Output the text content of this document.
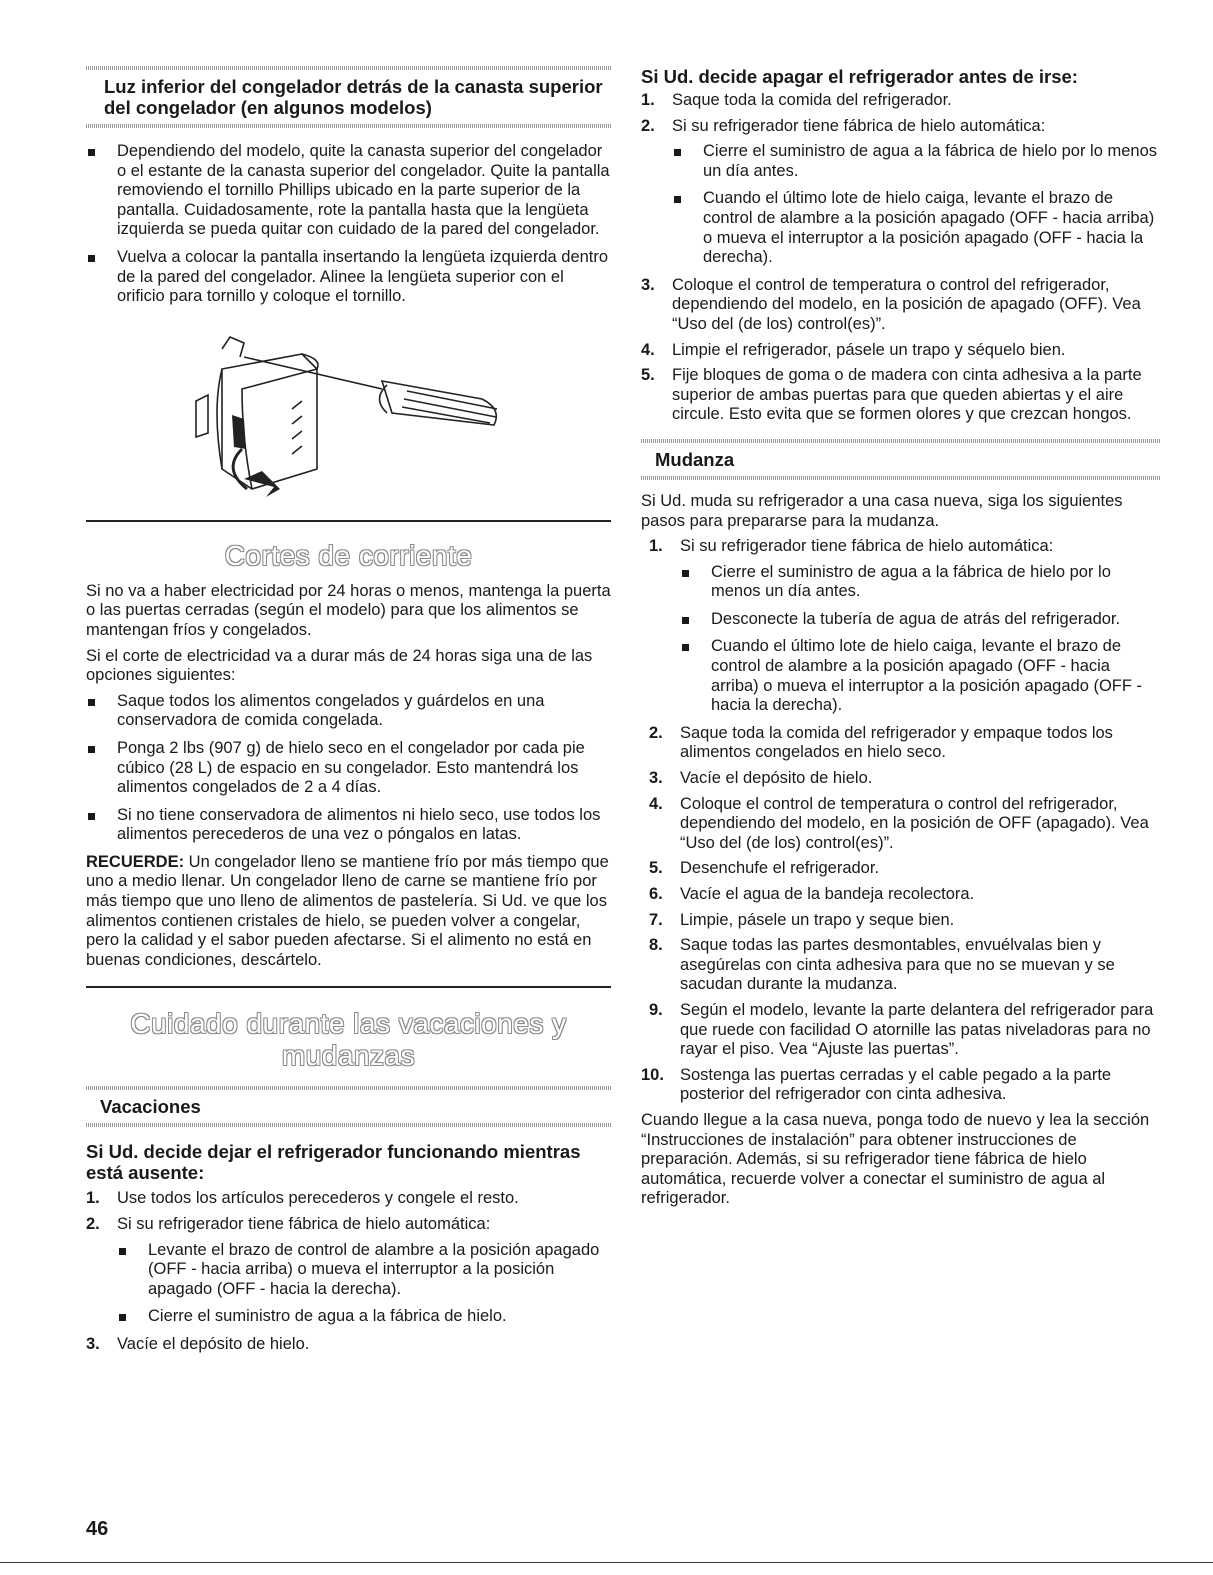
Luz inferior del congelador detrás de la canasta superior del congelador (en algunos modelos)
Dependiendo del modelo, quite la canasta superior del congelador o el estante de la canasta superior del congelador. Quite la pantalla removiendo el tornillo Phillips ubicado en la parte superior de la pantalla. Cuidadosamente, rote la pantalla hasta que la lengüeta izquierda se pueda quitar con cuidado de la pared del congelador.
Vuelva a colocar la pantalla insertando la lengüeta izquierda dentro de la pared del congelador. Alinee la lengüeta superior con el orificio para tornillo y coloque el tornillo.
Cortes de corriente

Si no va a haber electricidad por 24 horas o menos, mantenga la puerta o las puertas cerradas (según el modelo) para que los alimentos se mantengan fríos y congelados.

Si el corte de electricidad va a durar más de 24 horas siga una de las opciones siguientes:

Saque todos los alimentos congelados y guárdelos en una conservadora de comida congelada.
Ponga 2 lbs (907 g) de hielo seco en el congelador por cada pie cúbico (28 L) de espacio en su congelador. Esto mantendrá los alimentos congelados de 2 a 4 días.
Si no tiene conservadora de alimentos ni hielo seco, use todos los alimentos perecederos de una vez o póngalos en latas.

RECUERDE: Un congelador lleno se mantiene frío por más tiempo que uno a medio llenar. Un congelador lleno de carne se mantiene frío por más tiempo que uno lleno de alimentos de pastelería. Si Ud. ve que los alimentos contienen cristales de hielo, se pueden volver a congelar, pero la calidad y el sabor pueden afectarse. Si el alimento no está en buenas condiciones, descártelo.

Cuidado durante las vacaciones y
mudanzas
Vacaciones
Si Ud. decide dejar el refrigerador funcionando mientras está ausente:
1. Use todos los artículos perecederos y congele el resto.
2. Si su refrigerador tiene fábrica de hielo automática:
Levante el brazo de control de alambre a la posición apagado (OFF - hacia arriba) o mueva el interruptor a la posición apagado (OFF - hacia la derecha).
Cierre el suministro de agua a la fábrica de hielo.
3. Vacíe el depósito de hielo.
Si Ud. decide apagar el refrigerador antes de irse:
1. Saque toda la comida del refrigerador.
2. Si su refrigerador tiene fábrica de hielo automática:
Cierre el suministro de agua a la fábrica de hielo por lo menos un día antes.
Cuando el último lote de hielo caiga, levante el brazo de control de alambre a la posición apagado (OFF - hacia arriba) o mueva el interruptor a la posición apagado (OFF - hacia la derecha).
3. Coloque el control de temperatura o control del refrigerador, dependiendo del modelo, en la posición de apagado (OFF). Vea “Uso del (de los) control(es)”.
4. Limpie el refrigerador, pásele un trapo y séquelo bien.
5. Fije bloques de goma o de madera con cinta adhesiva a la parte superior de ambas puertas para que queden abiertas y el aire circule. Esto evita que se formen olores y que crezcan hongos.
Mudanza

Si Ud. muda su refrigerador a una casa nueva, siga los siguientes pasos para prepararse para la mudanza.

1. Si su refrigerador tiene fábrica de hielo automática:
Cierre el suministro de agua a la fábrica de hielo por lo menos un día antes.
Desconecte la tubería de agua de atrás del refrigerador.
Cuando el último lote de hielo caiga, levante el brazo de control de alambre a la posición apagado (OFF - hacia arriba) o mueva el interruptor a la posición apagado (OFF - hacia la derecha).
2. Saque toda la comida del refrigerador y empaque todos los alimentos congelados en hielo seco.
3. Vacíe el depósito de hielo.
4. Coloque el control de temperatura o control del refrigerador, dependiendo del modelo, en la posición de OFF (apagado). Vea “Uso del (de los) control(es)”.
5. Desenchufe el refrigerador.
6. Vacíe el agua de la bandeja recolectora.
7. Limpie, pásele un trapo y seque bien.
8. Saque todas las partes desmontables, envuélvalas bien y asegúrelas con cinta adhesiva para que no se muevan y se sacudan durante la mudanza.
9. Según el modelo, levante la parte delantera del refrigerador para que ruede con facilidad O atornille las patas niveladoras para no rayar el piso. Vea “Ajuste las puertas”.
10. Sostenga las puertas cerradas y el cable pegado a la parte posterior del refrigerador con cinta adhesiva.

Cuando llegue a la casa nueva, ponga todo de nuevo y lea la sección “Instrucciones de instalación” para obtener instrucciones de preparación. Además, si su refrigerador tiene fábrica de hielo automática, recuerde volver a conectar el suministro de agua al refrigerador.

46
